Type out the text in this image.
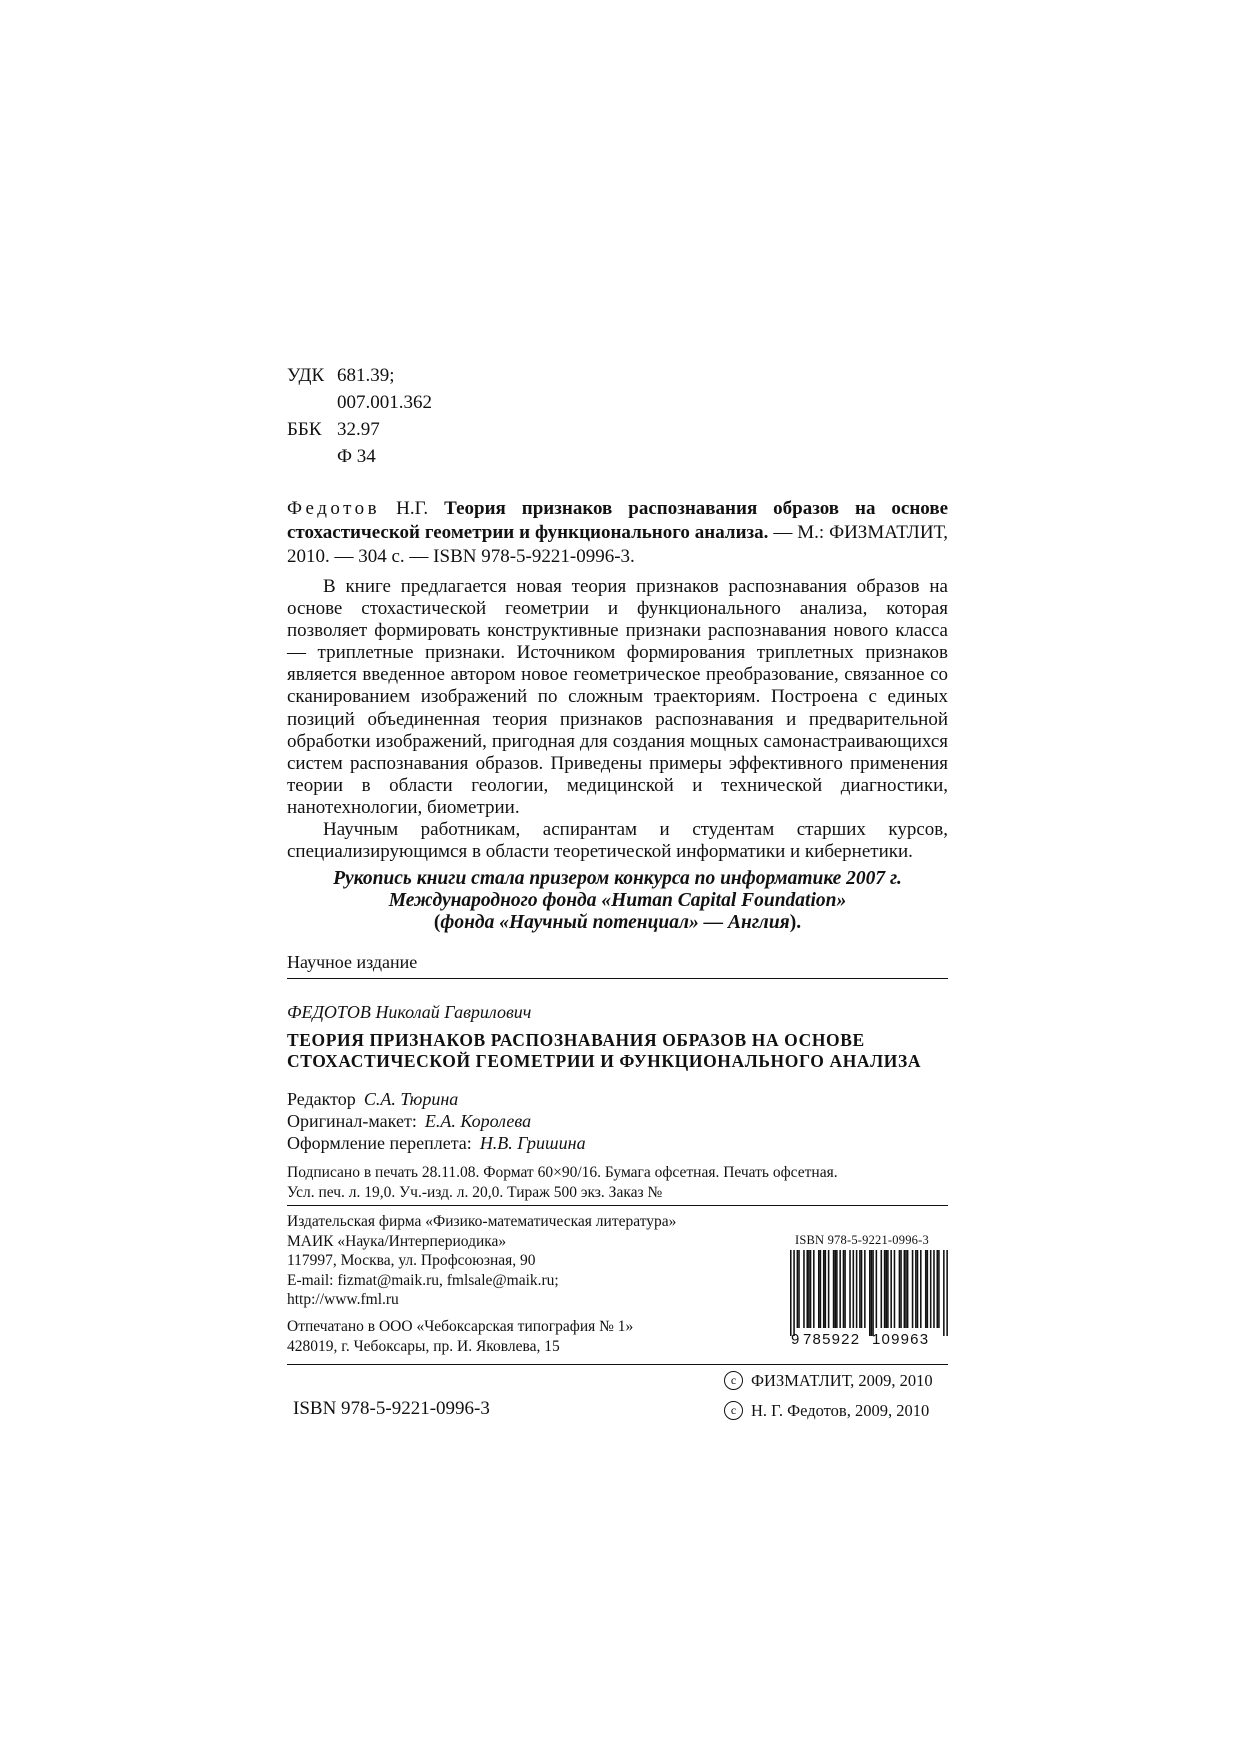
УДК 681.39;
007.001.362
ББК 32.97
Ф 34
Федотов Н.Г. Теория признаков распознавания образов на основе стохастической геометрии и функционального анализа. — М.: ФИЗМАТЛИТ, 2010. — 304 с. — ISBN 978-5-9221-0996-3.

В книге предлагается новая теория признаков распознавания образов на основе стохастической геометрии и функционального анализа, которая позволяет формировать конструктивные признаки распознавания нового класса — триплетные признаки. Источником формирования триплетных признаков является введенное автором новое геометрическое преобразование, связанное со сканированием изображений по сложным траекториям. Построена с единых позиций объединенная теория признаков распознавания и предварительной обработки изображений, пригодная для создания мощных самонастраивающихся систем распознавания образов. Приведены примеры эффективного применения теории в области геологии, медицинской и технической диагностики, нанотехнологии, биометрии.

Научным работникам, аспирантам и студентам старших курсов, специализирующимся в области теоретической информатики и кибернетики.

Рукопись книги стала призером конкурса по информатике 2007 г.
Международного фонда «Human Capital Foundation»
(фонда «Научный потенциал» — Англия).
Научное издание
ФЕДОТОВ Николай Гаврилович
ТЕОРИЯ ПРИЗНАКОВ РАСПОЗНАВАНИЯ ОБРАЗОВ НА ОСНОВЕ
СТОХАСТИЧЕСКОЙ ГЕОМЕТРИИ И ФУНКЦИОНАЛЬНОГО АНАЛИЗА
Редактор С.А. Тюрина
Оригинал-макет: Е.А. Королева
Оформление переплета: Н.В. Гришина
Подписано в печать 28.11.08. Формат 60×90/16. Бумага офсетная. Печать офсетная.
Усл. печ. л. 19,0. Уч.-изд. л. 20,0. Тираж 500 экз. Заказ №
Издательская фирма «Физико-математическая литература»
МАИК «Наука/Интерпериодика»
117997, Москва, ул. Профсоюзная, 90
E-mail: fizmat@maik.ru, fmlsale@maik.ru;
http://www.fml.ru
Отпечатано в ООО «Чебоксарская типография № 1»
428019, г. Чебоксары, пр. И. Яковлева, 15
ISBN 978-5-9221-0996-3
9 785922 109963
c ФИЗМАТЛИТ, 2009, 2010
c Н. Г. Федотов, 2009, 2010
ISBN 978-5-9221-0996-3
